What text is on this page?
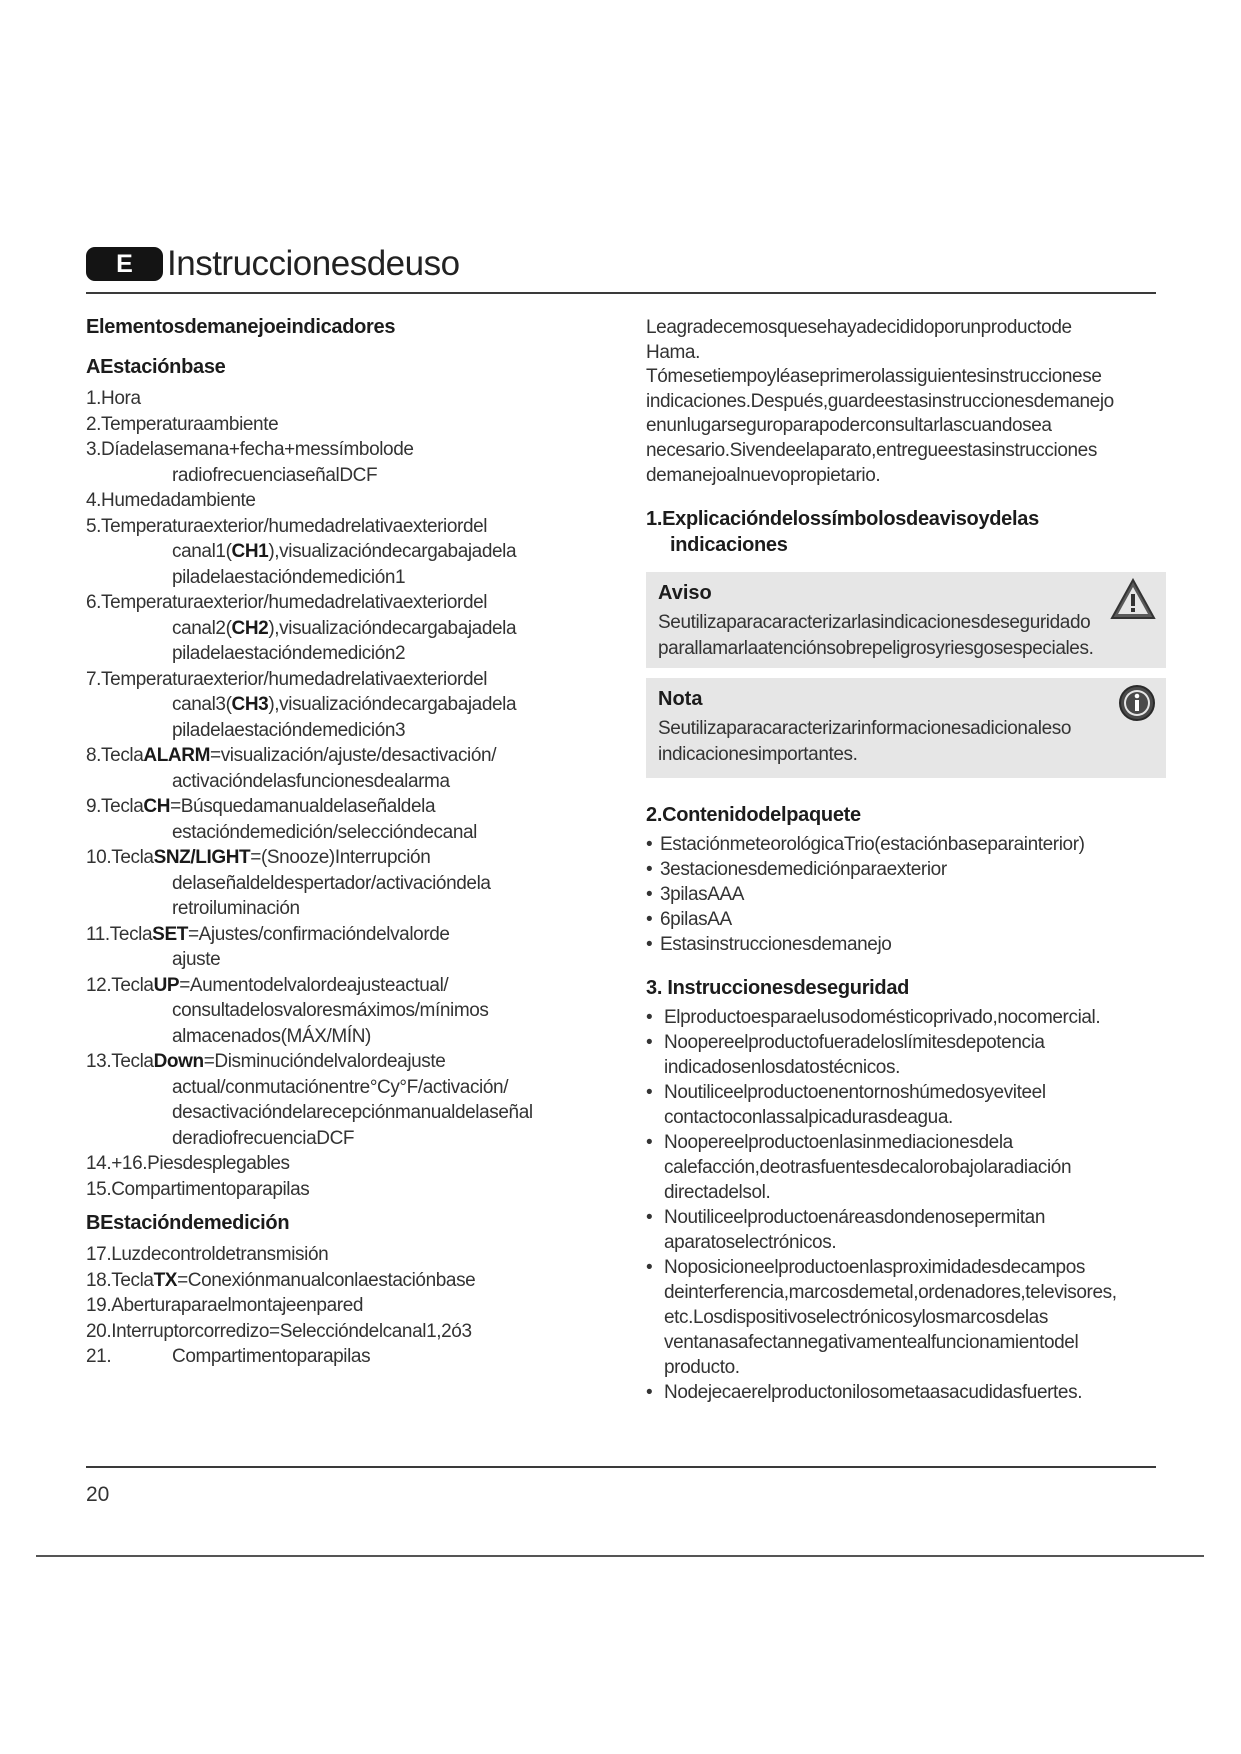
E Instruccionesdeuso
Elementosdemanejoeindicadores
AEstaciónbase
1.Hora
2.Temperaturaambiente
3.Díadelasemana+fecha+messímbolode
radiofrecuenciaseñalDCF
4.Humedadambiente
5.Temperaturaexterior/humedadrelativaexteriordel
canal1(CH1),visualizacióndecargabajadela
piladelaestacióndemedición1
6.Temperaturaexterior/humedadrelativaexteriordel
canal2(CH2),visualizacióndecargabajadela
piladelaestacióndemedición2
7.Temperaturaexterior/humedadrelativaexteriordel
canal3(CH3),visualizacióndecargabajadela
piladelaestacióndemedición3
8.TeclaALARM=visualización/ajuste/desactivación/
activacióndelasfuncionesdealarma
9.TeclaCH=Búsquedamanualdelaseñaldela
estacióndemedición/seleccióndecanal
10.TeclaSNZ/LIGHT=(Snooze)Interrupción
delaseñaldeldespertador/activacióndela
retroiluminación
11.TeclaSET=Ajustes/confirmacióndelvalorde
ajuste
12.TeclaUP=Aumentodelvalordeajusteactual/
consultadelosvaloresmáximos/mínimos
almacenados(MÁX/MÍN)
13.TeclaDown=Disminucióndelvalordeajuste
actual/conmutaciónentre°Cy°F/activación/
desactivacióndelarecepciónmanualdelaseñal
deradiofrecuenciaDCF
14.+16.Piesdesplegables
15.Compartimentoparapilas
BEstacióndemedición
17.Luzdecontroldetransmisión
18.TeclaTX=Conexiónmanualconlaestaciónbase
19.Aberturaparaelmontajeenpared
20.Interruptorcorredizo=Seleccióndelcanal1,2ó3
21.	Compartimentoparapilas

Leagradecemosquesehayadecididoporunproductode

Hama.

Tómesetiempoyléaseprimerolassiguientesinstruccionese

indicaciones.Después,guardeestasinstruccionesdemanejo

enunlugarseguroparapoderconsultarlascuandosea

necesario.Sivendeelaparato,entregueestasinstrucciones

demanejoalnuevopropietario.

1.Explicacióndelossímbolosdeavisoydelas
indicaciones
Aviso
Seutilizaparacaracterizarlasindicacionesdeseguridado
parallamarlaatenciónsobrepeligrosyriesgosespeciales.
Nota
Seutilizaparacaracterizarinformacionesadicionaleso
indicacionesimportantes.
2.Contenidodelpaquete
• EstaciónmeteorológicaTrio(estaciónbaseparainterior)
• 3estacionesdemediciónparaexterior
• 3pilasAAA
• 6pilasAA
• Estasinstruccionesdemanejo
3. Instruccionesdeseguridad
• Elproductoesparaelusodomésticoprivado,nocomercial.
• Noopereelproductofueradeloslímitesdepotencia
indicadosenlosdatostécnicos.
• Noutiliceelproductoenentornoshúmedosyeviteel
contactoconlassalpicadurasdeagua.
• Noopereelproductoenlasinmediacionesdela
calefacción,deotrasfuentesdecalorobajolaradiación
directadelsol.
• Noutiliceelproductoenáreasdondenosepermitan
aparatoselectrónicos.
• Noposicioneelproductoenlasproximidadesdecampos
deinterferencia,marcosdemetal,ordenadores,televisores,
etc.Losdispositivoselectrónicosylosmarcosdelas
ventanasafectannegativamentealfuncionamientodel
producto.
• Nodejecaerelproductonilosometaasacudidasfuertes.
20
